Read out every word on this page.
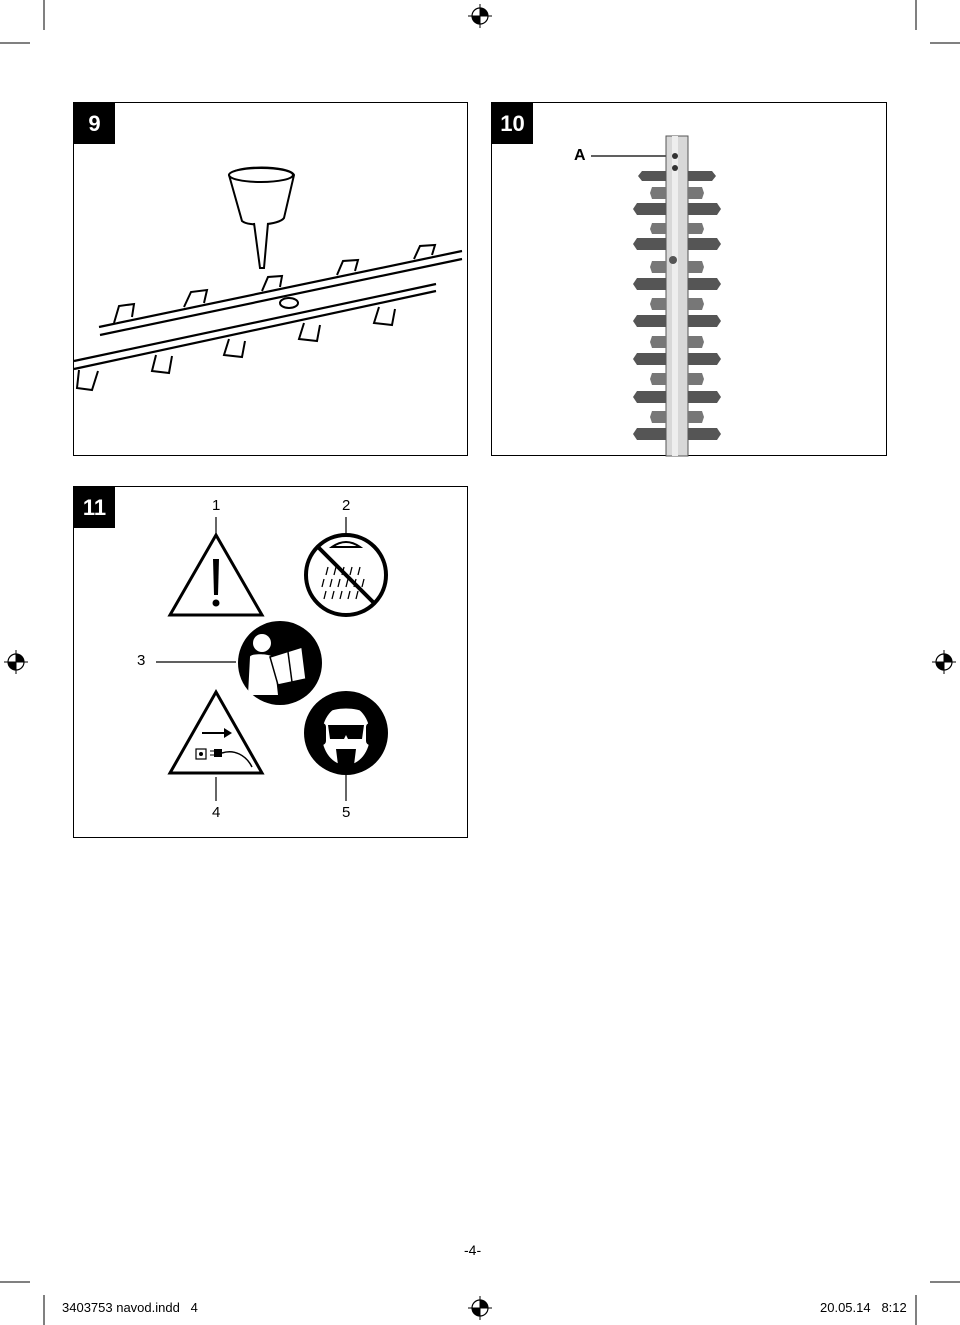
9	10
A
11	1	2
3
4	5
-4-
3403753 navod.indd   4	20.05.14   8:12
